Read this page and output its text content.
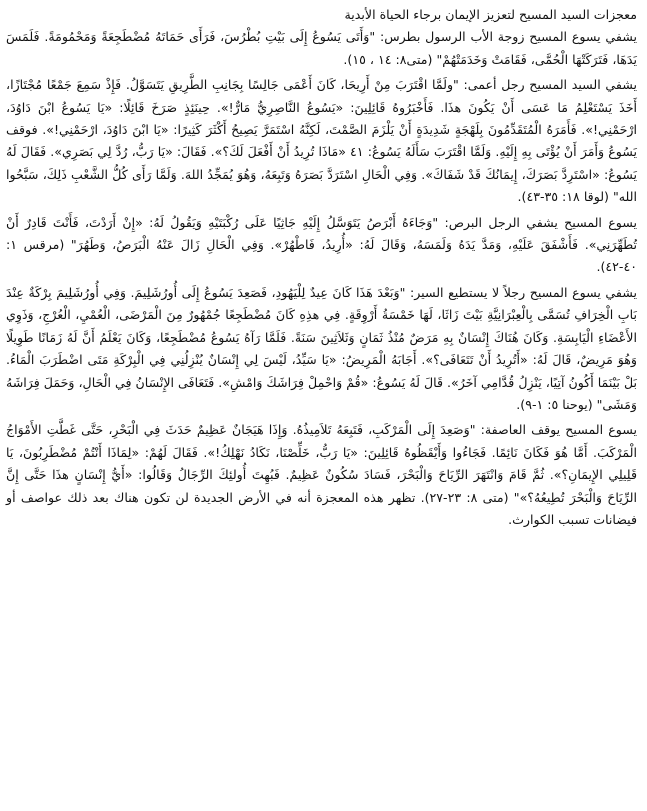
معجزات السيد المسيح لتعزيز الإيمان برجاء الحياة الأبدية

يشفي يسوع المسيح زوجة الأب الرسول بطرس: "وَأَتَى يَسُوعُ إِلَى بَيْتِ بُطْرُسَ، فَرَأَى حَمَاتَهُ مُضْطَجِعَةً وَمَحْمُومَةً. فَلَمَسَ يَدَهَا، فَتَرَكَتْهَا الْحُمَّى، فَقَامَتْ وَخَدَمَتْهُمْ" (متى٨: ١٤ ، ١٥).

يشفي السيد المسيح رجل أعمى: "ولَمَّا اقْتَرَبَ مِنْ أَرِيحَا، كَانَ أَعْمَى جَالِسًا بِجَانِبِ الطَّرِيقِ يَتَسَوَّلُ. فَإِذْ سَمِعَ جَمْعًا مُجْتَازًا، أَخَذَ يَسْتَعْلِمُ مَا عَسَى أَنْ يَكُونَ هذَا. فَأَخْبَرُوهُ قَائِلِينَ: «يَسُوعُ النَّاصِرِيُّ مَارٌّ!». حِينَئِذٍ صَرَخَ قَائِلًا: «يَا يَسُوعُ ابْنَ دَاوُدَ، ارْحَمْنِي!». فَأَمَرَهُ الْمُتَقَدِّمُونَ بِلَهْجَةٍ شَدِيدَةٍ أَنْ يَلْزَمَ الصَّمْتَ، لَكِنَّهُ اسْتَمَرَّ يَصِيحُ أَكْثَرَ كَثِيرًا: «يَا ابْنَ دَاوُدَ، ارْحَمْنِي!». فوقف يَسُوعُ وَأَمَرَ أَنْ يُؤْتَى بِهِ إِلَيْهِ. وَلَمَّا اقْتَرَبَ سَأَلَهُ يَسُوعُ: ٤١ «مَاذَا تُرِيدُ أَنْ أَفْعَلَ لَكَ؟». فَقَالَ: «يَا رَبُّ، رُدَّ لِي بَصَرِي». فَقَالَ لَهُ يَسُوعُ: «اسْتَرِدَّ بَصَرَكَ، إِيمَانُكَ قَدْ شَفَاكَ». وَفِي الْحَالِ اسْتَرَدَّ بَصَرَهُ وَتَبِعَهُ، وَهُوَ يُمَجِّدُ اللهَ. وَلَمَّا رَأَى كُلُّ الشَّعْبِ ذَلِكَ، سَبَّحُوا الله" (لوقا ١٨: ٣٥-٤٣).

يسوع المسيح يشفي الرجل البرص: "وَجَاءَهُ أَبْرَصُ يَتَوَسَّلُ إِلَيْهِ جَاثِيًا عَلَى رُكْبَتَيْهِ وَيَقُولُ لَهُ: «إِنْ أَرَدْتَ، فَأَنْتَ قَادِرٌ أَنْ تُطَهِّرَنِي». فَأَشْفَقَ عَلَيْهِ، وَمَدَّ يَدَهُ وَلَمَسَهُ، وَقَالَ لَهُ: «أُرِيدُ، فَاطْهُرْ». وَفِي الْحَالِ زَالَ عَنْهُ الْبَرَصُ، وَطَهُرَ" (مرقس ١: ٤٠-٤٢).

يشفي يسوع المسيح رجلاً لا يستطيع السير: "وَبَعْدَ هَذَا كَانَ عِيدٌ لِلْيَهُودِ، فَصَعِدَ يَسُوعُ إِلَى أُورُشَلِيمَ. وَفِي أُورُشَلِيمَ بِرْكَةٌ عِنْدَ بَابِ الْخِرَافِ تُسَمَّى بِالْعِبْرَانِيَّةِ بَيْتَ زَاثَا، لَهَا خَمْسَةُ أَرْوِقَةٍ. فِي هذِهِ كَانَ مُضْطَجِعًا جُمْهُورٌ مِنَ الْمَرْضَى، الْعُمْيِ، الْعُرْجِ، وَذَوِي الأَعْضَاءِ الْيَابِسَةِ. وَكَانَ هُنَاكَ إِنْسَانٌ بِهِ مَرَضٌ مُنْذُ ثَمَانٍ وَثَلاَثِينَ سَنَةً. فَلَمَّا رَآهُ يَسُوعُ مُضْطَجِعًا، وَكَانَ يَعْلَمُ أَنَّ لَهُ زَمَانًا طَوِيلًا وَهُوَ مَرِيضٌ، قَالَ لَهُ: «أَتُرِيدُ أَنْ تَتَعَافَى؟». أَجَابَهُ الْمَرِيضُ: «يَا سَيِّدُ، لَيْسَ لِي إِنْسَانٌ يُنْزِلُنِي فِي الْبِرْكَةِ مَتَى اضْطَرَبَ الْمَاءُ. بَلْ بَيْنَمَا أَكُونُ آتِيًا، يَنْزِلُ قُدَّامِي آخَرُ». قَالَ لَهُ يَسُوعُ: «قُمْ وَاحْمِلْ فِرَاشَكَ وَامْشِ». فَتَعَافَى الإِنْسَانُ فِي الْحَالِ، وَحَمَلَ فِرَاشَهُ وَمَشَى" (يوحنا ٥: ١-٩).

يسوع المسيح يوقف العاصفة: "وَصَعِدَ إِلَى الْمَرْكَبِ، فَتَبِعَهُ تَلاَمِيذُهُ. وَإِذَا هَيَجَانٌ عَظِيمٌ حَدَثَ فِي الْبَحْرِ، حَتَّى غَطَّتِ الأَمْوَاجُ الْمَرْكَبَ. أَمَّا هُوَ فَكَانَ نَائِمًا. فَجَاءُوا وَأَيْقَظُوهُ قَائِلِينَ: «يَا رَبُّ، خَلِّصْنَا، نَكَادُ نَهْلِكُ!». فَقَالَ لَهُمْ: «لِمَاذَا أَنْتُمْ مُضْطَرِبُونَ، يَا قَلِيلِي الإِيمَانِ؟». ثُمَّ قَامَ وَانْتَهَرَ الرِّيَاحَ وَالْبَحْرَ، فَسَادَ سُكُونٌ عَظِيمٌ. فَبُهِتَ أُولئِكَ الرِّجَالُ وَقَالُوا: «أَيُّ إِنْسَانٍ هذَا حَتَّى إِنَّ الرِّيَاحَ وَالْبَحْرَ تُطِيعُهُ؟»" (متى ٨: ٢٣-٢٧). تظهر هذه المعجزة أنه في الأرض الجديدة لن تكون هناك بعد ذلك عواصف أو فيضانات تسبب الكوارث.
